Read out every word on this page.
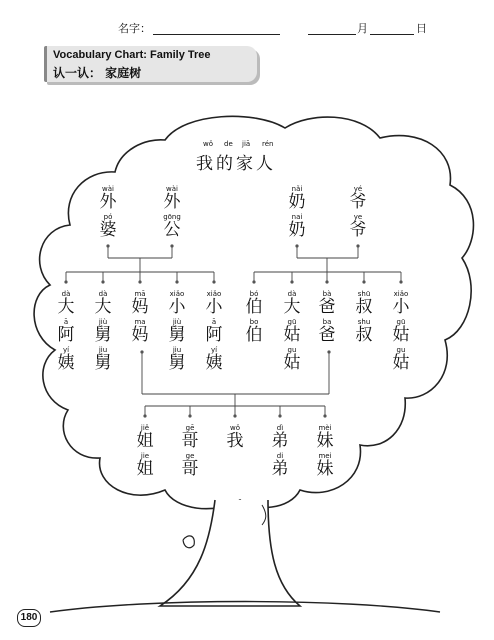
名字：	月	日
Vocabulary Chart: Family Tree
认一认： 家庭树
wǒ de jiā rén
我 的 家 人
wài
外
pó
婆
wài
外
gōng
公
nǎi
奶
nai
奶
yé
爷
ye
爷
dà
大
ā
阿
yí
姨
dà
大
jiù
舅
jiu
舅
mā
妈
ma
妈
xiǎo
小
jiù
舅
jiu
舅
xiǎo
小
ā
阿
yí
姨
bó
伯
bo
伯
dà
大
gū
姑
gu
姑
bà
爸
ba
爸
shū
叔
shu
叔
xiǎo
小
gū
姑
gu
姑
jiě
姐
jie
姐
gē
哥
ge
哥
wǒ
我
dì
弟
di
弟
mèi
妹
mei
妹
180
